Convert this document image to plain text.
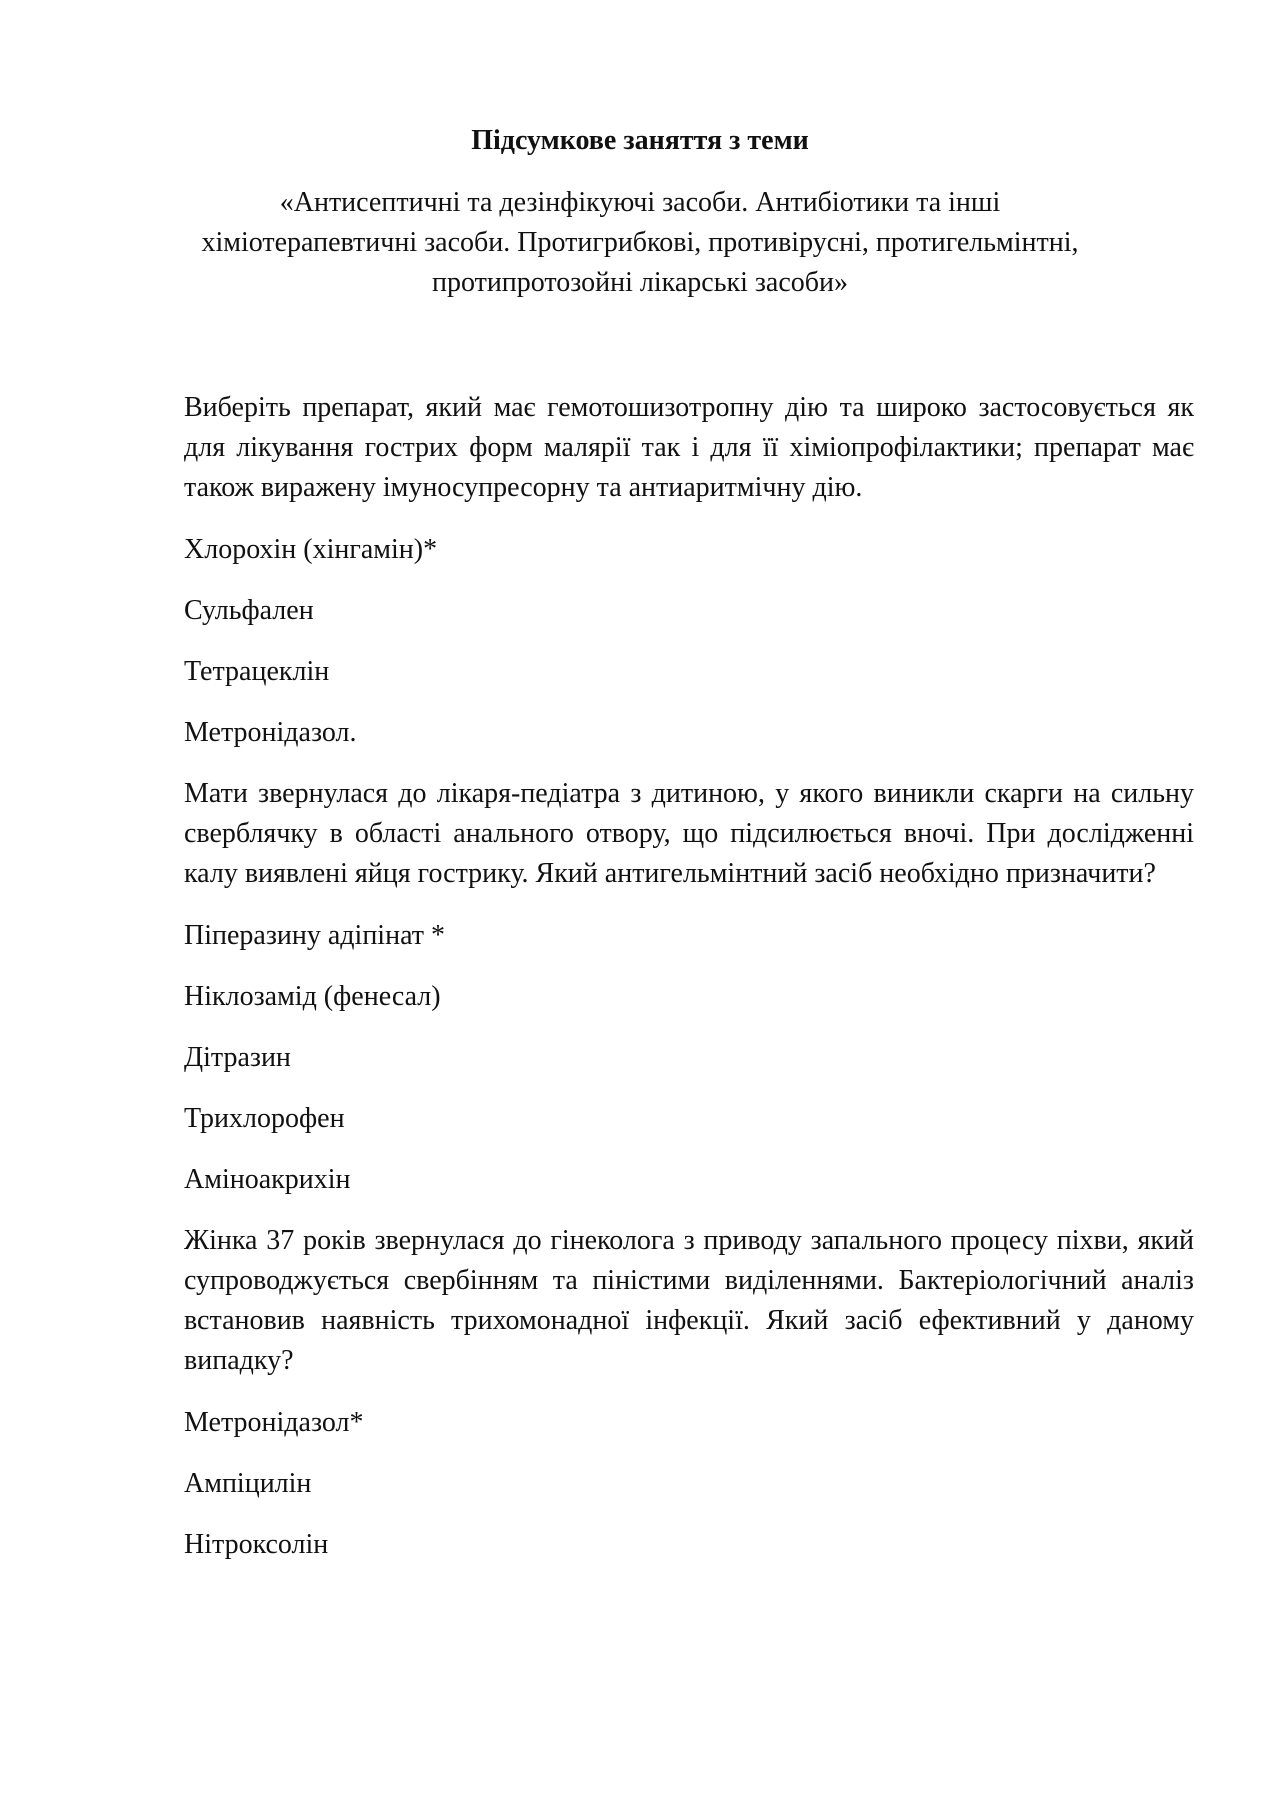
Підсумкове заняття з теми

«Антисептичні та дезінфікуючі засоби. Антибіотики та інші
хіміотерапевтичні засоби. Протигрибкові, противірусні, протигельмінтні,
протипротозойні лікарські засоби»

Виберіть препарат, який має гемотошизотропну дію та широко застосовується як для лікування гострих форм малярії так і для її хіміопрофілактики; препарат має також виражену імуносупресорну та антиаритмічну дію.

Хлорохін (хінгамін)*

Сульфален

Тетрацеклін

Метронідазол.

Мати звернулася до лікаря-педіатра з дитиною, у якого виникли скарги на сильну сверблячку в області анального отвору, що підсилюється вночі. При дослідженні калу виявлені яйця гострику. Який антигельмінтний засіб необхідно призначити?

Піперазину адіпінат *

Ніклозамід (фенесал)

Дітразин

Трихлорофен

Аміноакрихін

Жінка 37 років звернулася до гінеколога з приводу запального процесу піхви, який супроводжується свербінням та піністими виділеннями. Бактеріологічний аналіз встановив наявність трихомонадної інфекції. Який засіб ефективний у даному випадку?

Метронідазол*

Ампіцилін

Нітроксолін
